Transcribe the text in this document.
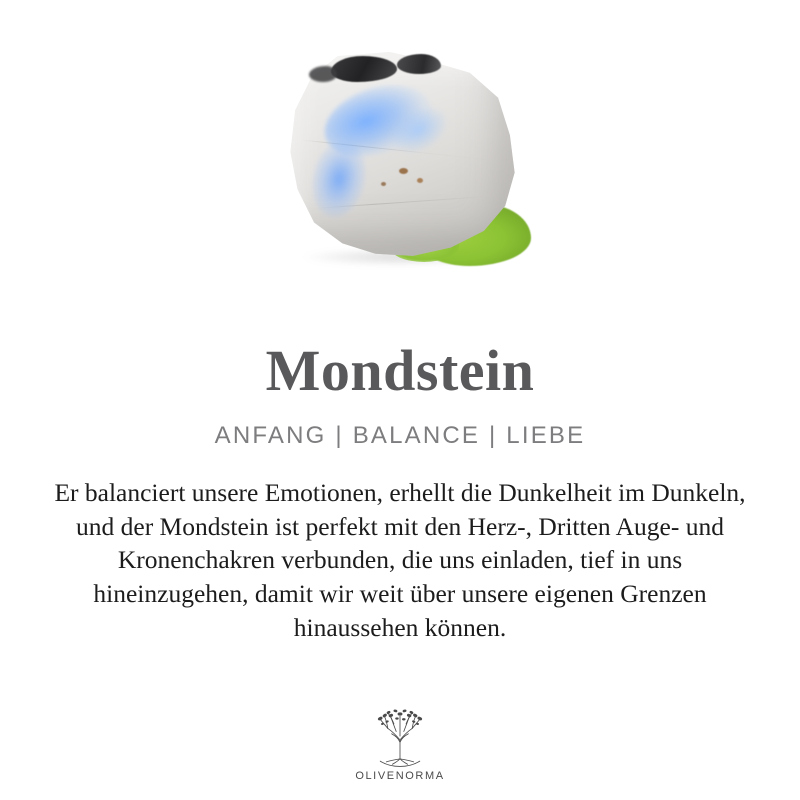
Mondstein
ANFANG | BALANCE | LIEBE

Er balanciert unsere Emotionen, erhellt die Dunkelheit im Dunkeln, und der Mondstein ist perfekt mit den Herz-, Dritten Auge- und Kronenchakren verbunden, die uns einladen, tief in uns hineinzugehen, damit wir weit über unsere eigenen Grenzen hinaussehen können.

OLIVENORMA
